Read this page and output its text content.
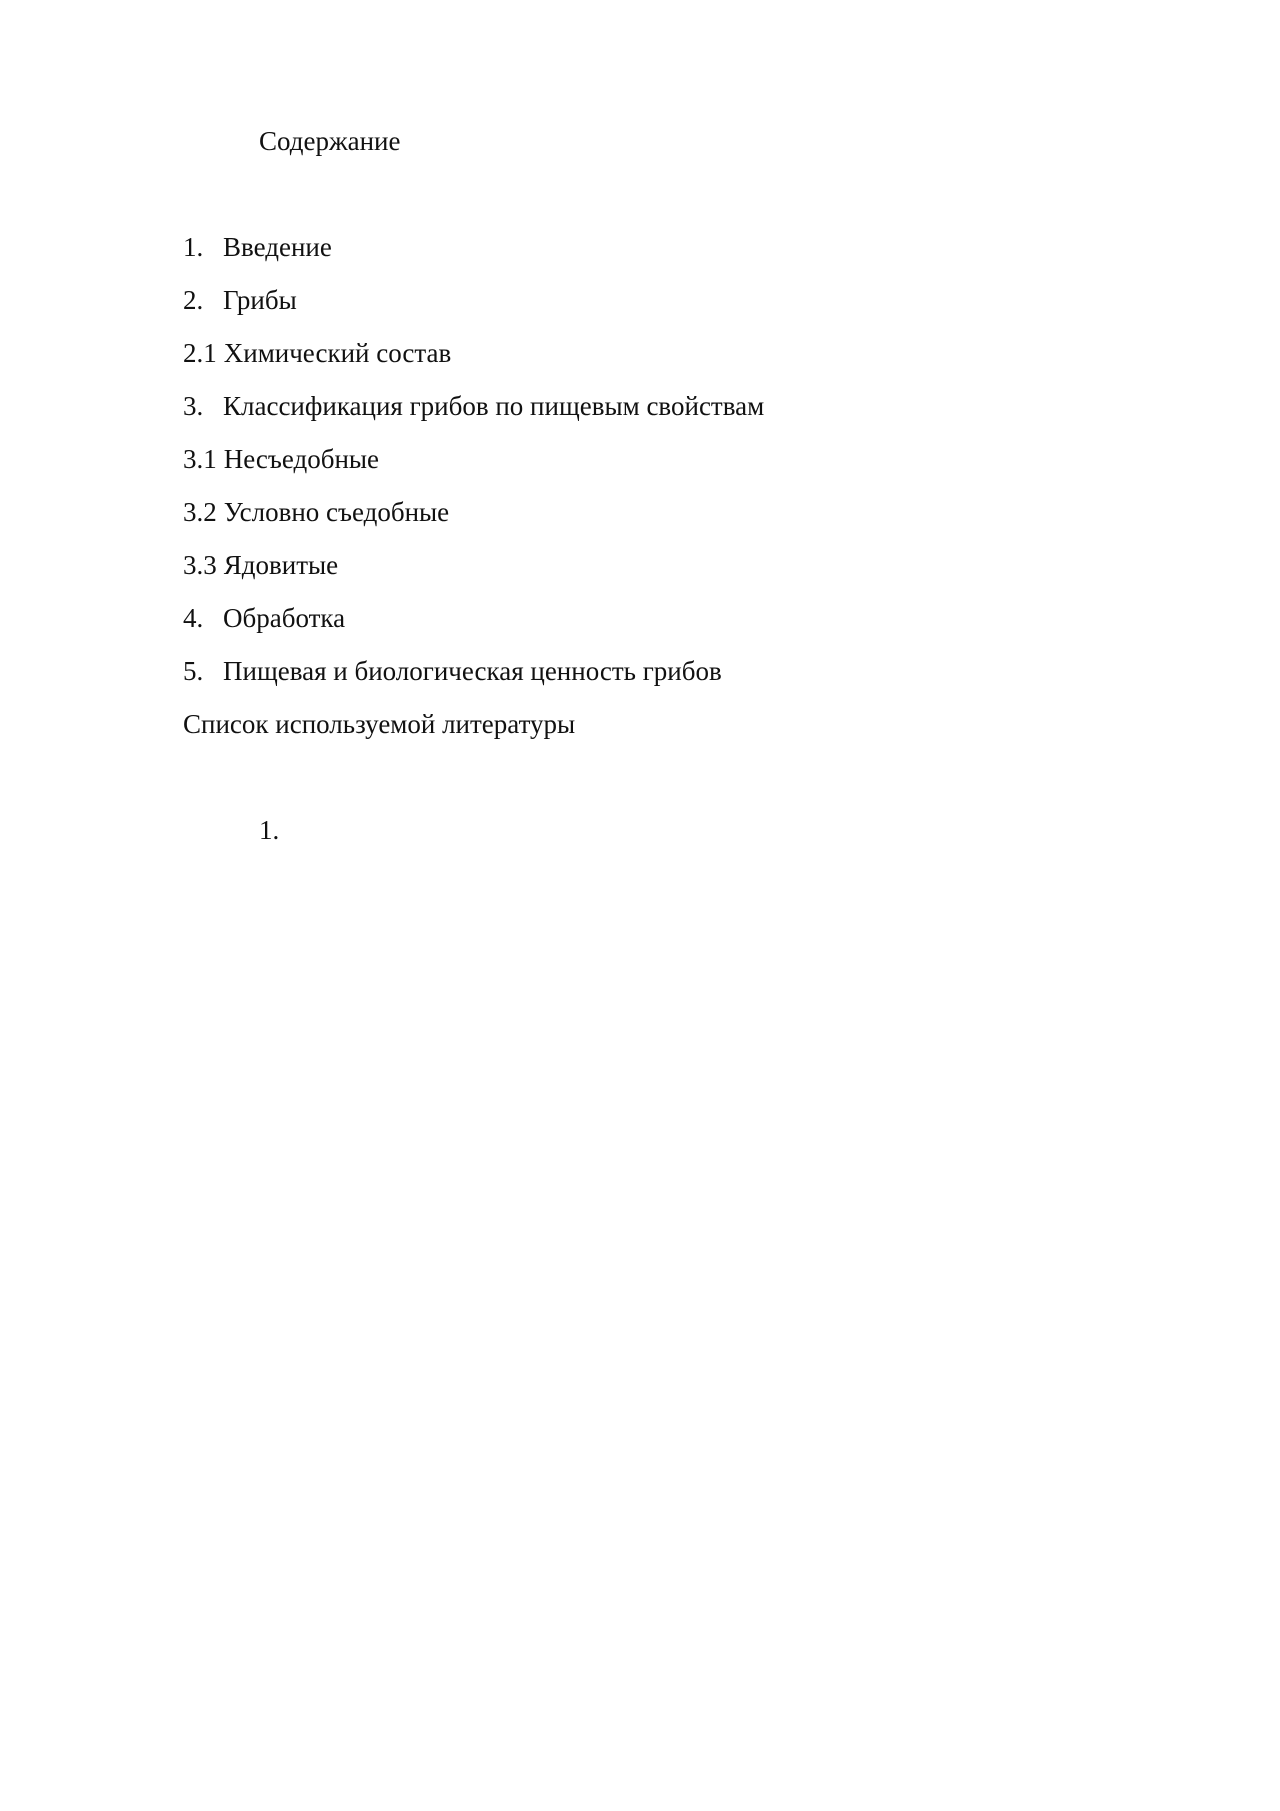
Содержание
1. Введение
2. Грибы
2.1 Химический состав
3. Классификация грибов по пищевым свойствам
3.1 Несъедобные
3.2 Условно съедобные
3.3 Ядовитые
4. Обработка
5. Пищевая и биологическая ценность грибов
Список используемой литературы
1.
